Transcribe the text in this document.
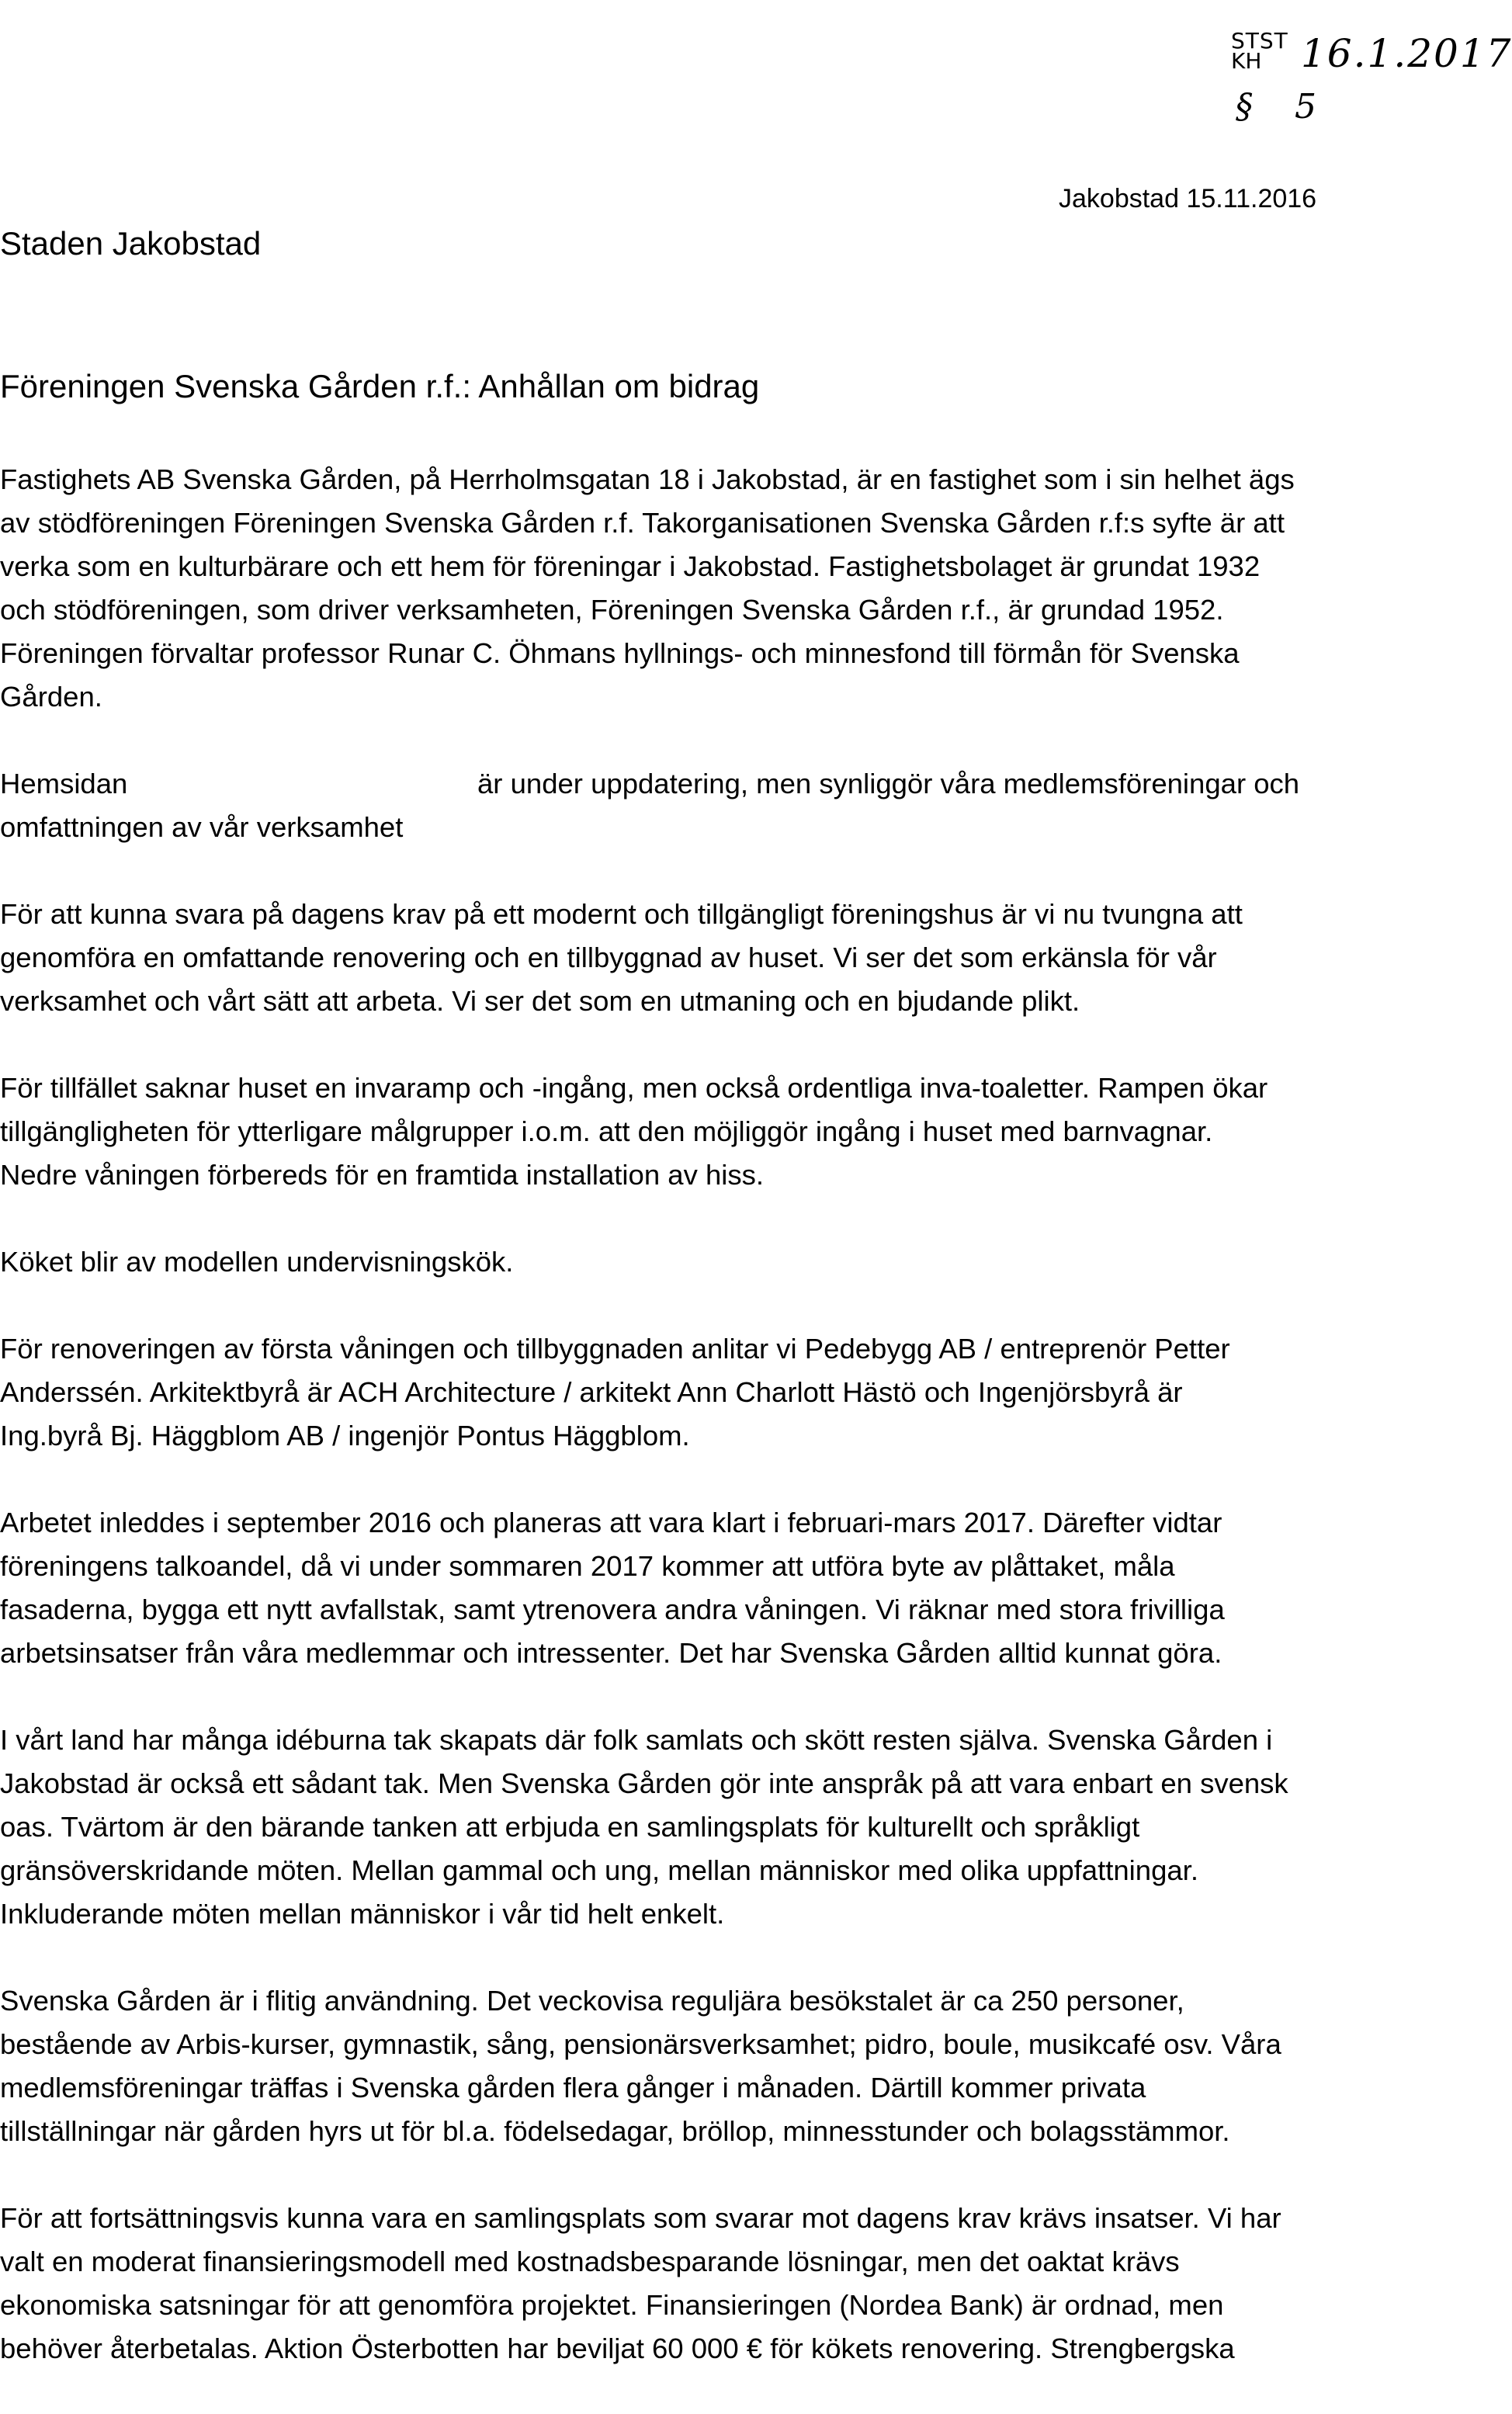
STST
KH 16.1.2017
§ 5
Jakobstad 15.11.2016
Staden Jakobstad
Föreningen Svenska Gården r.f.: Anhållan om bidrag

Fastighets AB Svenska Gården, på Herrholmsgatan 18 i Jakobstad, är en fastighet som i sin helhet ägs
av stödföreningen Föreningen Svenska Gården r.f. Takorganisationen Svenska Gården r.f:s syfte är att
verka som en kulturbärare och ett hem för föreningar i Jakobstad. Fastighetsbolaget är grundat 1932
och stödföreningen, som driver verksamheten, Föreningen Svenska Gården r.f., är grundad 1952.
Föreningen förvaltar professor Runar C. Öhmans hyllnings- och minnesfond till förmån för Svenska
Gården.

Hemsidan	är under uppdatering, men synliggör våra medlemsföreningar och
omfattningen av vår verksamhet

För att kunna svara på dagens krav på ett modernt och tillgängligt föreningshus är vi nu tvungna att
genomföra en omfattande renovering och en tillbyggnad av huset. Vi ser det som erkänsla för vår
verksamhet och vårt sätt att arbeta. Vi ser det som en utmaning och en bjudande plikt.

För tillfället saknar huset en invaramp och -ingång, men också ordentliga inva-toaletter. Rampen ökar
tillgängligheten för ytterligare målgrupper i.o.m. att den möjliggör ingång i huset med barnvagnar.
Nedre våningen förbereds för en framtida installation av hiss.

Köket blir av modellen undervisningskök.

För renoveringen av första våningen och tillbyggnaden anlitar vi Pedebygg AB / entreprenör Petter
Anderssén. Arkitektbyrå är ACH Architecture / arkitekt Ann Charlott Hästö och Ingenjörsbyrå är
Ing.byrå Bj. Häggblom AB / ingenjör Pontus Häggblom.

Arbetet inleddes i september 2016 och planeras att vara klart i februari-mars 2017. Därefter vidtar
föreningens talkoandel, då vi under sommaren 2017 kommer att utföra byte av plåttaket, måla
fasaderna, bygga ett nytt avfallstak, samt ytrenovera andra våningen. Vi räknar med stora frivilliga
arbetsinsatser från våra medlemmar och intressenter. Det har Svenska Gården alltid kunnat göra.

I vårt land har många idéburna tak skapats där folk samlats och skött resten själva. Svenska Gården i
Jakobstad är också ett sådant tak. Men Svenska Gården gör inte anspråk på att vara enbart en svensk
oas. Tvärtom är den bärande tanken att erbjuda en samlingsplats för kulturellt och språkligt
gränsöverskridande möten. Mellan gammal och ung, mellan människor med olika uppfattningar.
Inkluderande möten mellan människor i vår tid helt enkelt.

Svenska Gården är i flitig användning. Det veckovisa reguljära besökstalet är ca 250 personer,
bestående av Arbis-kurser, gymnastik, sång, pensionärsverksamhet; pidro, boule, musikcafé osv. Våra
medlemsföreningar träffas i Svenska gården flera gånger i månaden. Därtill kommer privata
tillställningar när gården hyrs ut för bl.a. födelsedagar, bröllop, minnesstunder och bolagsstämmor.

För att fortsättningsvis kunna vara en samlingsplats som svarar mot dagens krav krävs insatser. Vi har
valt en moderat finansieringsmodell med kostnadsbesparande lösningar, men det oaktat krävs
ekonomiska satsningar för att genomföra projektet. Finansieringen (Nordea Bank) är ordnad, men
behöver återbetalas. Aktion Österbotten har beviljat 60 000 € för kökets renovering. Strengbergska
